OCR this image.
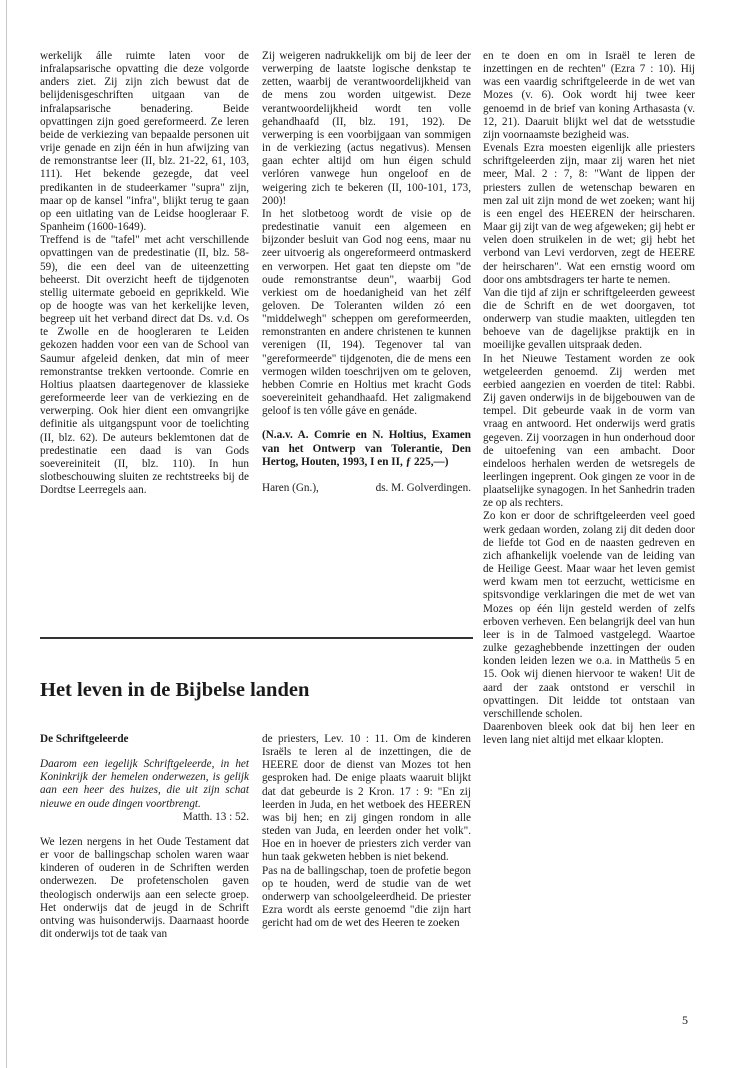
werkelijk álle ruimte laten voor de infralapsarische opvatting die deze volgorde anders ziet. Zij zijn zich bewust dat de belijdenisgeschriften uitgaan van de infralapsarische benadering. Beide opvattingen zijn goed gereformeerd. Ze leren beide de verkiezing van bepaalde personen uit vrije genade en zijn één in hun afwijzing van de remonstrantse leer (II, blz. 21-22, 61, 103, 111). Het bekende gezegde, dat veel predikanten in de studeerkamer "supra" zijn, maar op de kansel "infra", blijkt terug te gaan op een uitlating van de Leidse hoogleraar F. Spanheim (1600-1649).

Treffend is de "tafel" met acht verschillende opvattingen van de predestinatie (II, blz. 58-59), die een deel van de uiteenzetting beheerst. Dit overzicht heeft de tijdgenoten stellig uitermate geboeid en geprikkeld. Wie op de hoogte was van het kerkelijke leven, begreep uit het verband direct dat Ds. v.d. Os te Zwolle en de hoogleraren te Leiden gekozen hadden voor een van de School van Saumur afgeleid denken, dat min of meer remonstrantse trekken vertoonde. Comrie en Holtius plaatsen daartegenover de klassieke gereformeerde leer van de verkiezing en de verwerping. Ook hier dient een omvangrijke definitie als uitgangspunt voor de toelichting (II, blz. 62). De auteurs beklemtonen dat de predestinatie een daad is van Gods soevereiniteit (II, blz. 110). In hun slotbeschouwing sluiten ze rechtstreeks bij de Dordtse Leerregels aan.

Zij weigeren nadrukkelijk om bij de leer der verwerping de laatste logische denkstap te zetten, waarbij de verantwoordelijkheid van de mens zou worden uitgewist. Deze verantwoordelijkheid wordt ten volle gehandhaafd (II, blz. 191, 192). De verwerping is een voorbijgaan van sommigen in de verkiezing (actus negativus). Mensen gaan echter altijd om hun éigen schuld verlóren vanwege hun ongeloof en de weigering zich te bekeren (II, 100-101, 173, 200)!

In het slotbetoog wordt de visie op de predestinatie vanuit een algemeen en bijzonder besluit van God nog eens, maar nu zeer uitvoerig als ongereformeerd ontmaskerd en verworpen. Het gaat ten diepste om "de oude remonstrantse deun", waarbij God verkiest om de hoedanigheid van het zélf geloven. De Toleranten wilden zó een "middelwegh" scheppen om gereformeerden, remonstranten en andere christenen te kunnen verenigen (II, 194). Tegenover tal van "gereformeerde" tijdgenoten, die de mens een vermogen wilden toeschrijven om te geloven, hebben Comrie en Holtius met kracht Gods soevereiniteit gehandhaafd. Het zaligmakend geloof is ten vólle gáve en genáde.

(N.a.v. A. Comrie en N. Holtius, Examen van het Ontwerp van Tolerantie, Den Hertog, Houten, 1993, I en II, ƒ 225,—)

Haren (Gn.),	ds. M. Golverdingen.

en te doen en om in Israël te leren de inzettingen en de rechten" (Ezra 7 : 10). Hij was een vaardig schriftgeleerde in de wet van Mozes (v. 6). Ook wordt hij twee keer genoemd in de brief van koning Arthasasta (v. 12, 21). Daaruit blijkt wel dat de wetsstudie zijn voornaamste bezigheid was.

Evenals Ezra moesten eigenlijk alle priesters schriftgeleerden zijn, maar zij waren het niet meer, Mal. 2 : 7, 8: "Want de lippen der priesters zullen de wetenschap bewaren en men zal uit zijn mond de wet zoeken; want hij is een engel des HEEREN der heirscharen. Maar gij zijt van de weg afgeweken; gij hebt er velen doen struikelen in de wet; gij hebt het verbond van Levi verdorven, zegt de HEERE der heirscharen". Wat een ernstig woord om door ons ambtsdragers ter harte te nemen.

Van die tijd af zijn er schriftgeleerden geweest die de Schrift en de wet doorgaven, tot onderwerp van studie maakten, uitlegden ten behoeve van de dagelijkse praktijk en in moeilijke gevallen uitspraak deden.

In het Nieuwe Testament worden ze ook wetgeleerden genoemd. Zij werden met eerbied aangezien en voerden de titel: Rabbi. Zij gaven onderwijs in de bijgebouwen van de tempel. Dit gebeurde vaak in de vorm van vraag en antwoord. Het onderwijs werd gratis gegeven. Zij voorzagen in hun onderhoud door de uitoefening van een ambacht. Door eindeloos herhalen werden de wetsregels de leerlingen ingeprent. Ook gingen ze voor in de plaatselijke synagogen. In het Sanhedrin traden ze op als rechters.

Zo kon er door de schriftgeleerden veel goed werk gedaan worden, zolang zij dit deden door de liefde tot God en de naasten gedreven en zich afhankelijk voelende van de leiding van de Heilige Geest. Maar waar het leven gemist werd kwam men tot eerzucht, wetticisme en spitsvondige verklaringen die met de wet van Mozes op één lijn gesteld werden of zelfs erboven verheven. Een belangrijk deel van hun leer is in de Talmoed vastgelegd. Waartoe zulke gezaghebbende inzettingen der ouden konden leiden lezen we o.a. in Mattheüs 5 en 15. Ook wij dienen hiervoor te waken! Uit de aard der zaak ontstond er verschil in opvattingen. Dit leidde tot ontstaan van verschillende scholen.

Daarenboven bleek ook dat bij hen leer en leven lang niet altijd met elkaar klopten.

Het leven in de Bijbelse landen

De Schriftgeleerde

Daarom een iegelijk Schriftgeleerde, in het Koninkrijk der hemelen onderwezen, is gelijk aan een heer des huizes, die uit zijn schat nieuwe en oude dingen voortbrengt.

Matth. 13 : 52.

We lezen nergens in het Oude Testament dat er voor de ballingschap scholen waren waar kinderen of ouderen in de Schriften werden onderwezen. De profetenscholen gaven theologisch onderwijs aan een selecte groep. Het onderwijs dat de jeugd in de Schrift ontving was huisonderwijs. Daarnaast hoorde dit onderwijs tot de taak van

de priesters, Lev. 10 : 11. Om de kinderen Israëls te leren al de inzettingen, die de HEERE door de dienst van Mozes tot hen gesproken had. De enige plaats waaruit blijkt dat dat gebeurde is 2 Kron. 17 : 9: "En zij leerden in Juda, en het wetboek des HEEREN was bij hen; en zij gingen rondom in alle steden van Juda, en leerden onder het volk". Hoe en in hoever de priesters zich verder van hun taak gekweten hebben is niet bekend.

Pas na de ballingschap, toen de profetie begon op te houden, werd de studie van de wet onderwerp van schoolgeleerdheid. De priester Ezra wordt als eerste genoemd "die zijn hart gericht had om de wet des Heeren te zoeken

5
